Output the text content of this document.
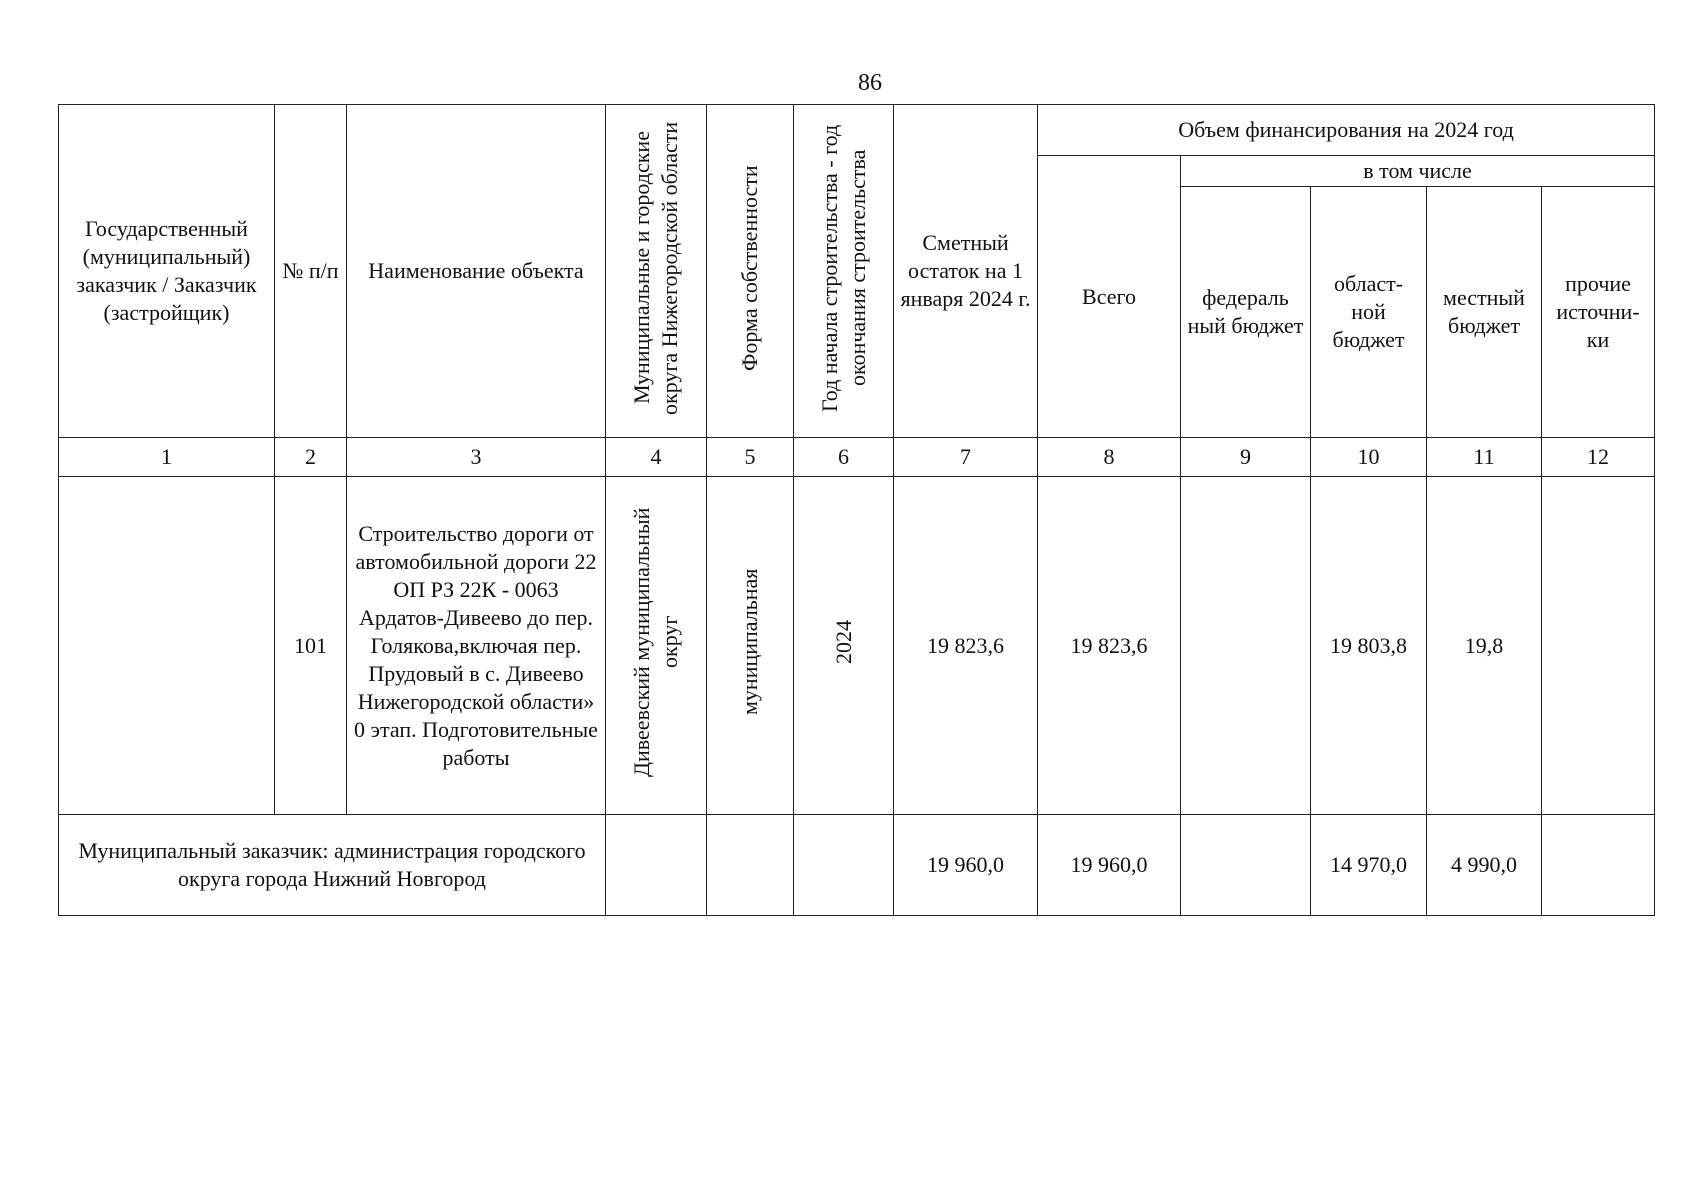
86
Государственный (муниципальный) заказчик / Заказчик (застройщик)	№ п/п	Наименование объекта	Муниципальные и городские округа Нижегородской области	Форма собственности	Год начала строительства - год окончания строительства	Сметный остаток на 1 января 2024 г.	Объем финансирования на 2024 год				
							Всего	в том числе			
								федераль ный бюджет	област- ной бюджет	местный бюджет	прочие источни- ки
1	2	3	4	5	6	7	8	9	10	11	12
	101	Строительство дороги от автомобильной дороги 22 ОП РЗ 22К - 0063 Ардатов-Дивеево до пер. Голякова,включая пер. Прудовый в с. Дивеево Нижегородской области» 0 этап. Подготовительные работы	Дивеевский муниципальный округ	муниципальная	2024	19 823,6	19 823,6		19 803,8	19,8	
Муниципальный заказчик: администрация городского округа города Нижний Новгород						19 960,0	19 960,0		14 970,0	4 990,0	
